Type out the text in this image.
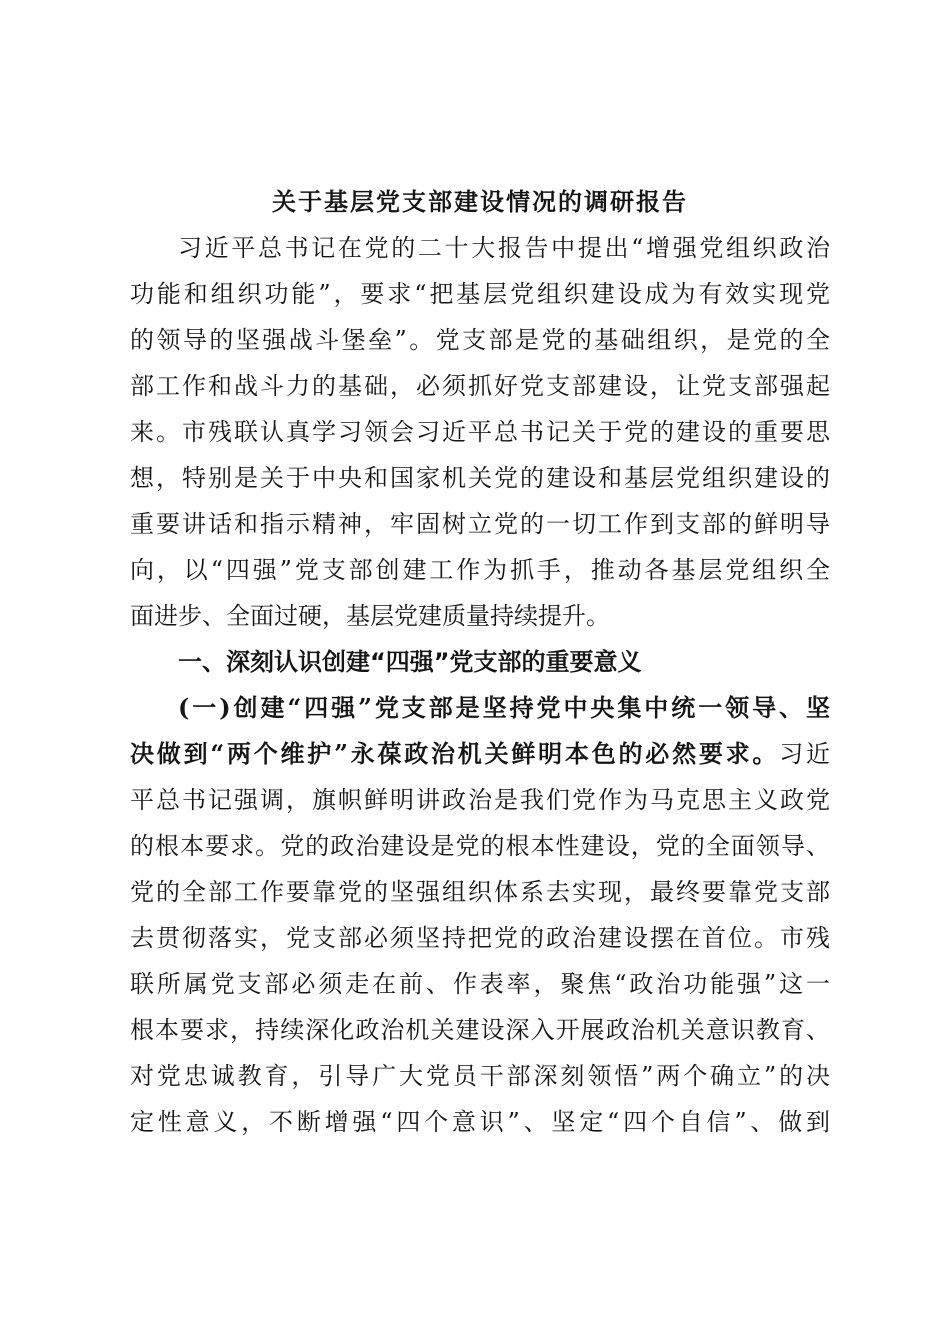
关于基层党支部建设情况的调研报告
习近平总书记在党的二十大报告中提出“增强党组织政治
功能和组织功能”，要求“把基层党组织建设成为有效实现党
的领导的坚强战斗堡垒”。党支部是党的基础组织，是党的全
部工作和战斗力的基础，必须抓好党支部建设，让党支部强起
来。市残联认真学习领会习近平总书记关于党的建设的重要思
想，特别是关于中央和国家机关党的建设和基层党组织建设的
重要讲话和指示精神，牢固树立党的一切工作到支部的鲜明导
向，以“四强”党支部创建工作为抓手，推动各基层党组织全
面进步、全面过硬，基层党建质量持续提升。
一、深刻认识创建“四强”党支部的重要意义
(一)创建“四强”党支部是坚持党中央集中统一领导、坚
决做到“两个维护”永葆政治机关鲜明本色的必然要求。习近
平总书记强调，旗帜鲜明讲政治是我们党作为马克思主义政党
的根本要求。党的政治建设是党的根本性建设，党的全面领导、
党的全部工作要靠党的坚强组织体系去实现，最终要靠党支部
去贯彻落实，党支部必须坚持把党的政治建设摆在首位。市残
联所属党支部必须走在前、作表率，聚焦“政治功能强”这一
根本要求，持续深化政治机关建设深入开展政治机关意识教育、
对党忠诚教育，引导广大党员干部深刻领悟”两个确立”的决
定性意义，不断增强“四个意识”、坚定“四个自信”、做到
